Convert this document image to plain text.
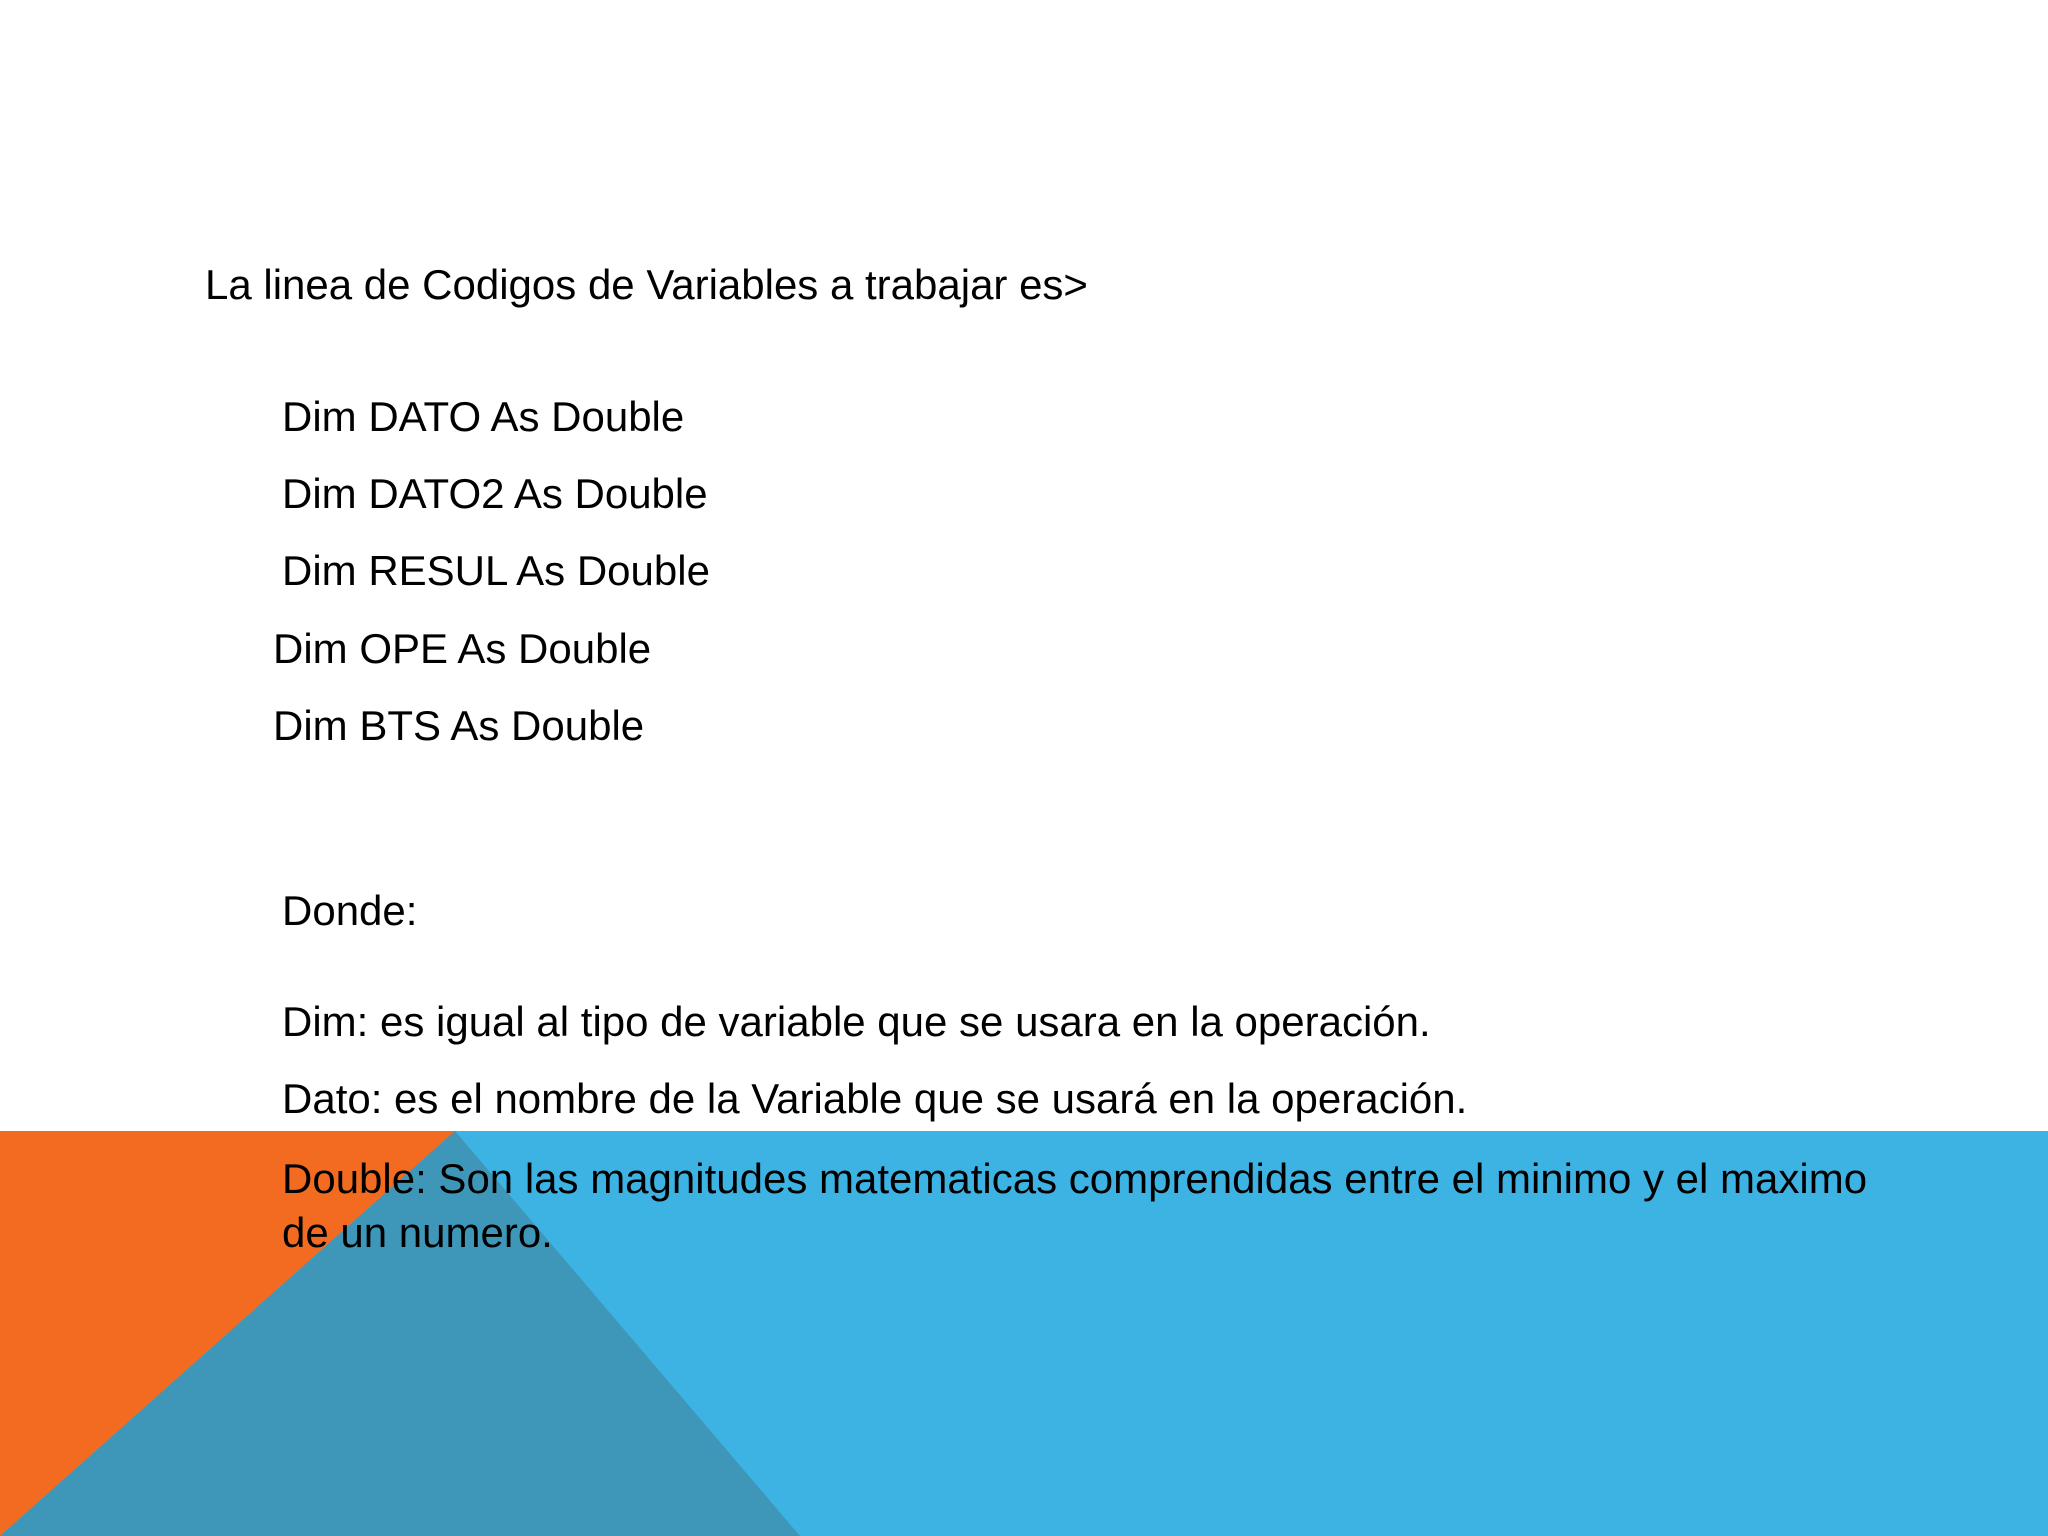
La linea de Codigos de Variables a trabajar es>
Dim DATO As Double
Dim DATO2 As Double
Dim RESUL As Double
Dim OPE As Double
Dim BTS As Double
Donde:
Dim: es igual al tipo de variable que se usara en la operación.
Dato: es el nombre de la Variable que se usará en la operación.
Double: Son las magnitudes matematicas comprendidas entre el minimo y el maximo de un numero.
